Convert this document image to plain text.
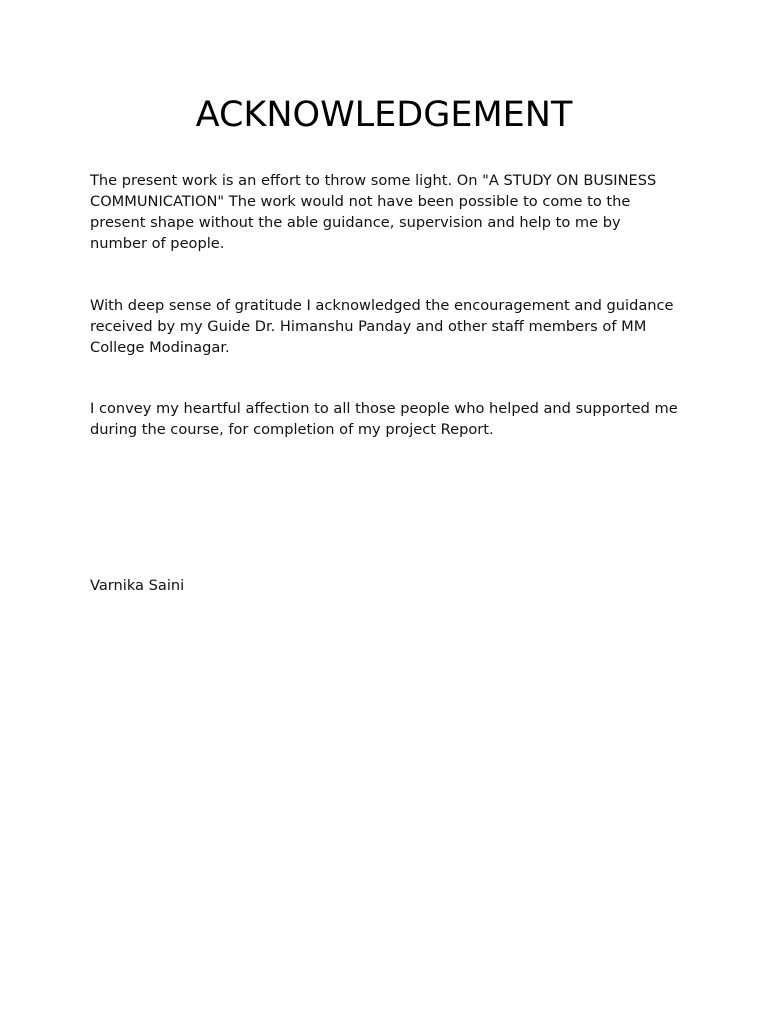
ACKNOWLEDGEMENT

The present work is an effort to throw some light. On "A STUDY ON BUSINESS COMMUNICATION" The work would not have been possible to come to the present shape without the able guidance, supervision and help to me by number of people.

With deep sense of gratitude I acknowledged the encouragement and guidance received by my Guide Dr. Himanshu Panday and other staff members of MM College Modinagar.

I convey my heartful affection to all those people who helped and supported me during the course, for completion of my project Report.

Varnika Saini
